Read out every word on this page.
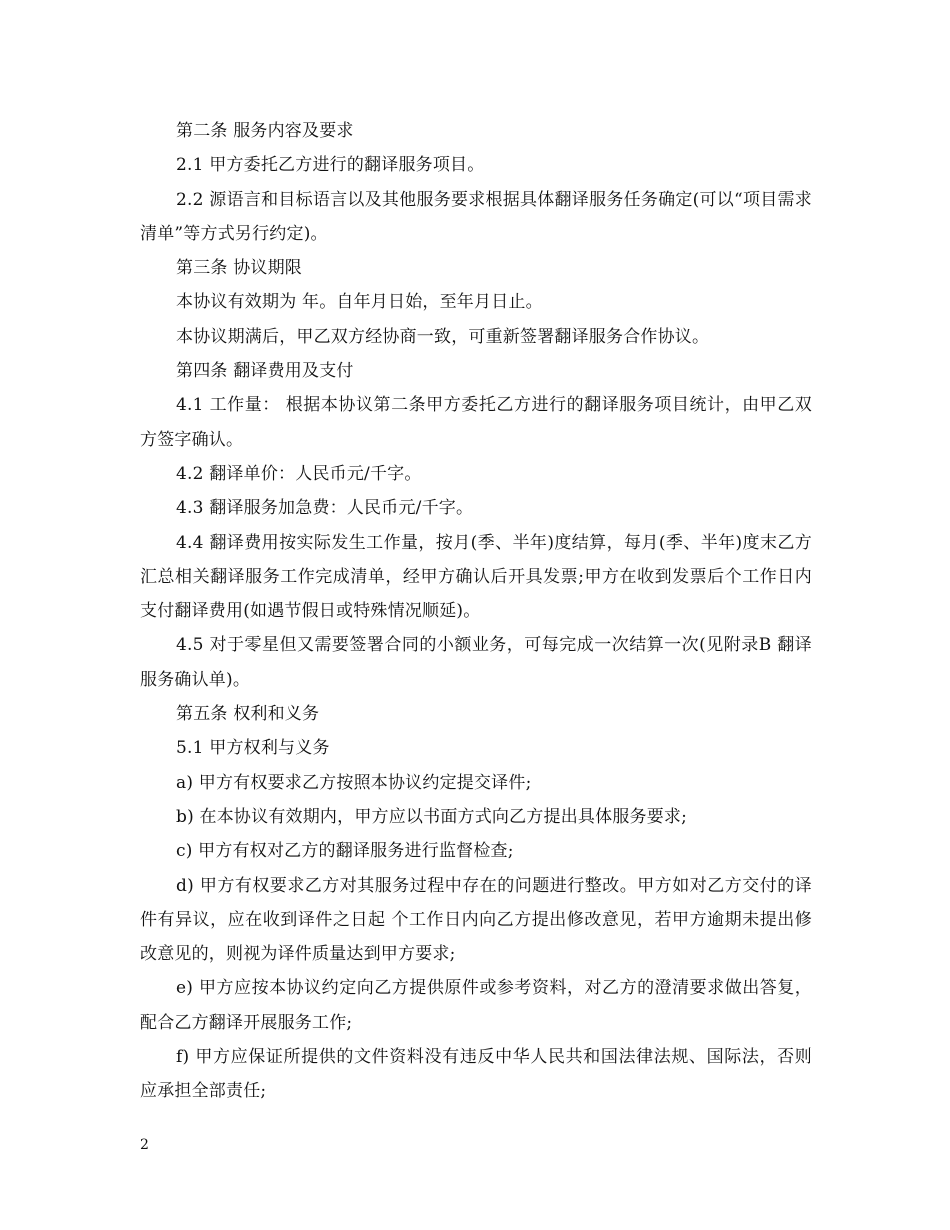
第二条 服务内容及要求

2.1 甲方委托乙方进行的翻译服务项目。

2.2 源语言和目标语言以及其他服务要求根据具体翻译服务任务确定(可以“项目需求清单”等方式另行约定)。

第三条 协议期限

本协议有效期为 年。自年月日始，至年月日止。

本协议期满后，甲乙双方经协商一致，可重新签署翻译服务合作协议。

第四条 翻译费用及支付

4.1 工作量： 根据本协议第二条甲方委托乙方进行的翻译服务项目统计，由甲乙双方签字确认。

4.2 翻译单价：人民币元/千字。

4.3 翻译服务加急费：人民币元/千字。

4.4 翻译费用按实际发生工作量，按月(季、半年)度结算，每月(季、半年)度末乙方汇总相关翻译服务工作完成清单，经甲方确认后开具发票;甲方在收到发票后个工作日内支付翻译费用(如遇节假日或特殊情况顺延)。

4.5 对于零星但又需要签署合同的小额业务，可每完成一次结算一次(见附录B 翻译服务确认单)。

第五条 权利和义务

5.1 甲方权利与义务

a) 甲方有权要求乙方按照本协议约定提交译件;

b) 在本协议有效期内，甲方应以书面方式向乙方提出具体服务要求;

c) 甲方有权对乙方的翻译服务进行监督检查;

d) 甲方有权要求乙方对其服务过程中存在的问题进行整改。甲方如对乙方交付的译件有异议，应在收到译件之日起 个工作日内向乙方提出修改意见，若甲方逾期未提出修改意见的，则视为译件质量达到甲方要求;

e) 甲方应按本协议约定向乙方提供原件或参考资料，对乙方的澄清要求做出答复，配合乙方翻译开展服务工作;

f) 甲方应保证所提供的文件资料没有违反中华人民共和国法律法规、国际法，否则应承担全部责任;

2
